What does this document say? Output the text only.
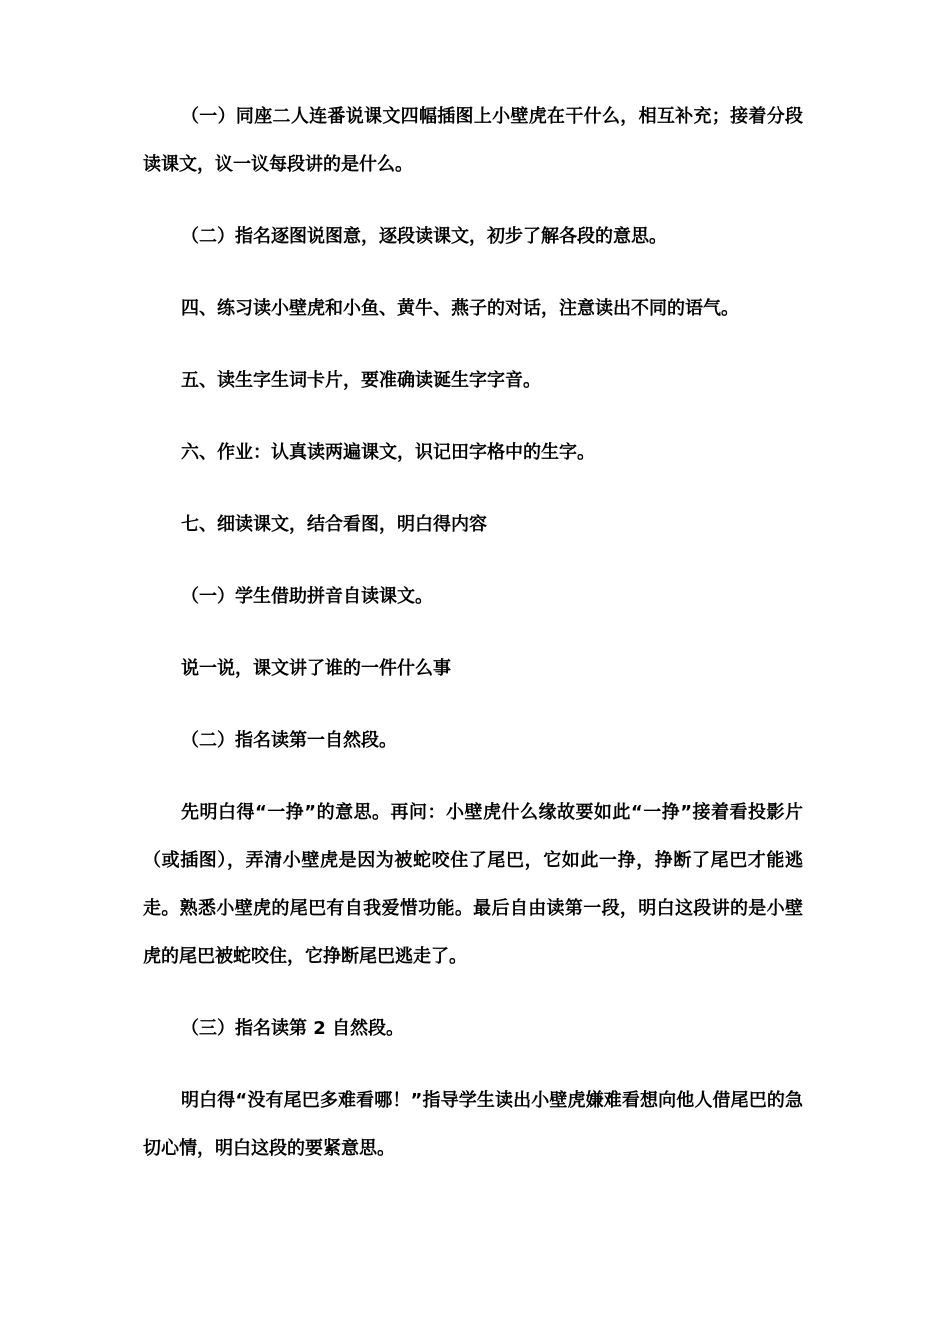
（一）同座二人连番说课文四幅插图上小壁虎在干什么，相互补充；接着分段读课文，议一议每段讲的是什么。

（二）指名逐图说图意，逐段读课文，初步了解各段的意思。

四、练习读小壁虎和小鱼、黄牛、燕子的对话，注意读出不同的语气。

五、读生字生词卡片，要准确读诞生字字音。

六、作业：认真读两遍课文，识记田字格中的生字。

七、细读课文，结合看图，明白得内容

（一）学生借助拼音自读课文。

说一说，课文讲了谁的一件什么事

（二）指名读第一自然段。

先明白得“一挣”的意思。再问：小壁虎什么缘故要如此“一挣”接着看投影片（或插图），弄清小壁虎是因为被蛇咬住了尾巴，它如此一挣，挣断了尾巴才能逃走。熟悉小壁虎的尾巴有自我爱惜功能。最后自由读第一段，明白这段讲的是小壁虎的尾巴被蛇咬住，它挣断尾巴逃走了。

（三）指名读第 2 自然段。

明白得“没有尾巴多难看哪！”指导学生读出小壁虎嫌难看想向他人借尾巴的急切心情，明白这段的要紧意思。
